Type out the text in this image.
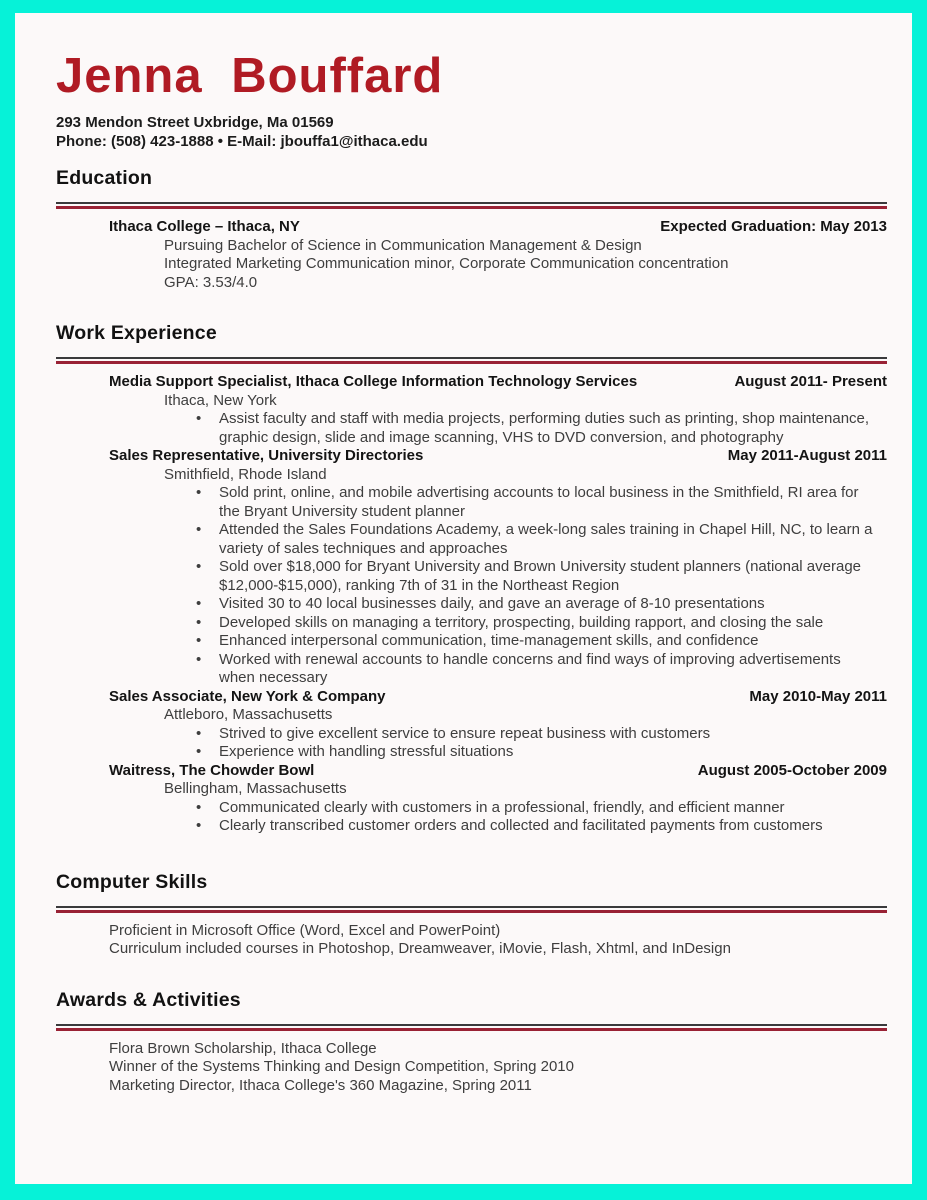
Jenna Bouffard
293 Mendon Street Uxbridge, Ma 01569
Phone: (508) 423-1888 • E-Mail: jbouffa1@ithaca.edu
Education
Ithaca College – Ithaca, NY	Expected Graduation: May 2013
Pursuing Bachelor of Science in Communication Management & Design
Integrated Marketing Communication minor, Corporate Communication concentration
GPA: 3.53/4.0
Work Experience
Media Support Specialist, Ithaca College Information Technology Services	August 2011- Present
Ithaca, New York
• Assist faculty and staff with media projects, performing duties such as printing, shop maintenance, graphic design, slide and image scanning, VHS to DVD conversion, and photography
Sales Representative, University Directories	May 2011-August 2011
Smithfield, Rhode Island
• Sold print, online, and mobile advertising accounts to local business in the Smithfield, RI area for the Bryant University student planner
• Attended the Sales Foundations Academy, a week-long sales training in Chapel Hill, NC, to learn a variety of sales techniques and approaches
• Sold over $18,000 for Bryant University and Brown University student planners (national average $12,000-$15,000), ranking 7th of 31 in the Northeast Region
• Visited 30 to 40 local businesses daily, and gave an average of 8-10 presentations
• Developed skills on managing a territory, prospecting, building rapport, and closing the sale
• Enhanced interpersonal communication, time-management skills, and confidence
• Worked with renewal accounts to handle concerns and find ways of improving advertisements when necessary
Sales Associate, New York & Company	May 2010-May 2011
Attleboro, Massachusetts
• Strived to give excellent service to ensure repeat business with customers
• Experience with handling stressful situations
Waitress, The Chowder Bowl	August 2005-October 2009
Bellingham, Massachusetts
• Communicated clearly with customers in a professional, friendly, and efficient manner
• Clearly transcribed customer orders and collected and facilitated payments from customers
Computer Skills
Proficient in Microsoft Office (Word, Excel and PowerPoint)
Curriculum included courses in Photoshop, Dreamweaver, iMovie, Flash, Xhtml, and InDesign
Awards & Activities
Flora Brown Scholarship, Ithaca College
Winner of the Systems Thinking and Design Competition, Spring 2010
Marketing Director, Ithaca College's 360 Magazine, Spring 2011
